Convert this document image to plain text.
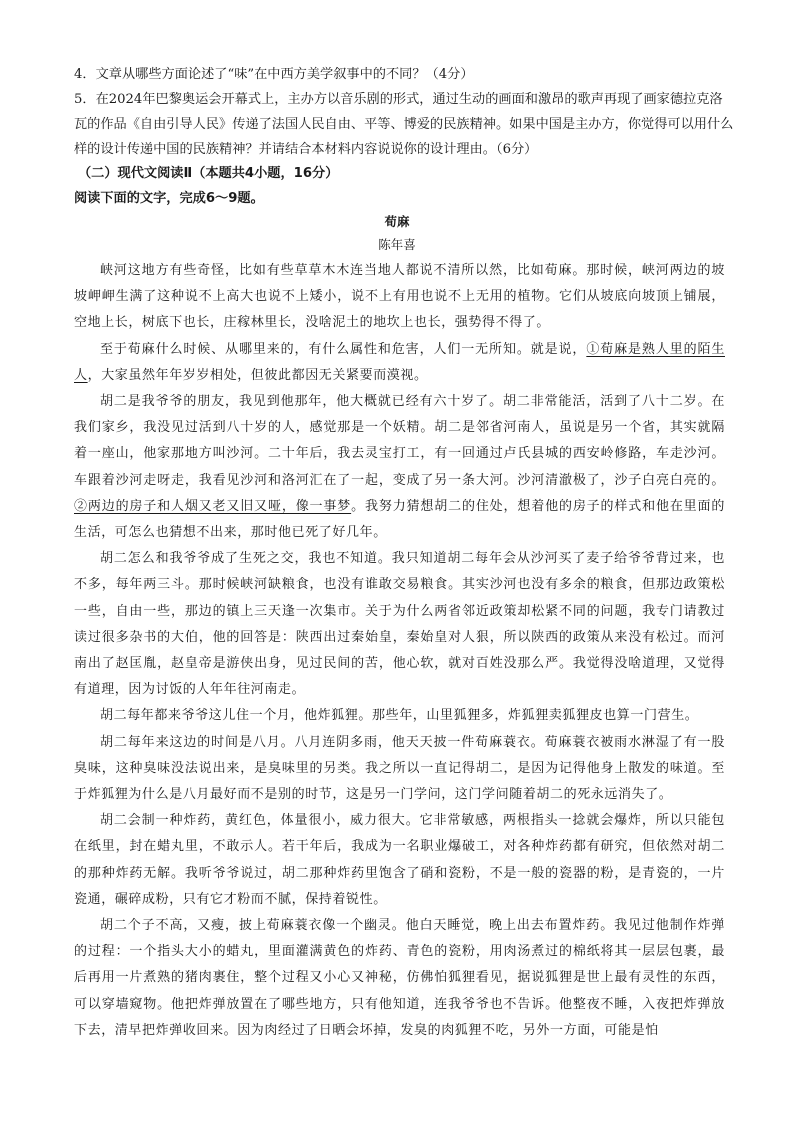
4．文章从哪些方面论述了“味”在中西方美学叙事中的不同？（4分）

5．在2024年巴黎奥运会开幕式上，主办方以音乐剧的形式，通过生动的画面和激昂的歌声再现了画家德拉克洛瓦的作品《自由引导人民》传递了法国人民自由、平等、博爱的民族精神。如果中国是主办方，你觉得可以用什么样的设计传递中国的民族精神？并请结合本材料内容说说你的设计理由。（6分）

（二）现代文阅读Ⅱ（本题共4小题，16分）

阅读下面的文字，完成6～9题。

荀麻

陈年喜

峡河这地方有些奇怪，比如有些草草木木连当地人都说不清所以然，比如荀麻。那时候，峡河两边的坡坡岬岬生满了这种说不上高大也说不上矮小，说不上有用也说不上无用的植物。它们从坡底向坡顶上铺展，空地上长，树底下也长，庄稼林里长，没啥泥土的地坎上也长，强势得不得了。

至于荀麻什么时候、从哪里来的，有什么属性和危害，人们一无所知。就是说，①荀麻是熟人里的陌生人，大家虽然年年岁岁相处，但彼此都因无关紧要而漠视。

胡二是我爷爷的朋友，我见到他那年，他大概就已经有六十岁了。胡二非常能活，活到了八十二岁。在我们家乡，我没见过活到八十岁的人，感觉那是一个妖精。胡二是邻省河南人，虽说是另一个省，其实就隔着一座山，他家那地方叫沙河。二十年后，我去灵宝打工，有一回通过卢氏县城的西安岭修路，车走沙河。车跟着沙河走呀走，我看见沙河和洛河汇在了一起，变成了另一条大河。沙河清澈极了，沙子白亮白亮的。②两边的房子和人烟又老又旧又哑，像一事梦。我努力猜想胡二的住处，想着他的房子的样式和他在里面的生活，可怎么也猜想不出来，那时他已死了好几年。

胡二怎么和我爷爷成了生死之交，我也不知道。我只知道胡二每年会从沙河买了麦子给爷爷背过来，也不多，每年两三斗。那时候峡河缺粮食，也没有谁敢交易粮食。其实沙河也没有多余的粮食，但那边政策松一些，自由一些，那边的镇上三天逢一次集市。关于为什么两省邻近政策却松紧不同的问题，我专门请教过读过很多杂书的大伯，他的回答是：陕西出过秦始皇，秦始皇对人狠，所以陕西的政策从来没有松过。而河南出了赵匡胤，赵皇帝是游侠出身，见过民间的苦，他心软，就对百姓没那么严。我觉得没啥道理，又觉得有道理，因为讨饭的人年年往河南走。

胡二每年都来爷爷这儿住一个月，他炸狐狸。那些年，山里狐狸多，炸狐狸卖狐狸皮也算一门营生。

胡二每年来这边的时间是八月。八月连阴多雨，他天天披一件荀麻蓑衣。荀麻蓑衣被雨水淋湿了有一股臭味，这种臭味没法说出来，是臭味里的另类。我之所以一直记得胡二，是因为记得他身上散发的味道。至于炸狐狸为什么是八月最好而不是别的时节，这是另一门学问，这门学问随着胡二的死永远消失了。

胡二会制一种炸药，黄红色，体量很小，威力很大。它非常敏感，两根指头一捻就会爆炸，所以只能包在纸里，封在蜡丸里，不敢示人。若干年后，我成为一名职业爆破工，对各种炸药都有研究，但依然对胡二的那种炸药无解。我听爷爷说过，胡二那种炸药里饱含了硝和瓷粉，不是一般的瓷器的粉，是青瓷的，一片瓷通，碾碎成粉，只有它才粉而不腻，保持着锐性。

胡二个子不高，又瘦，披上荀麻蓑衣像一个幽灵。他白天睡觉，晚上出去布置炸药。我见过他制作炸弹的过程：一个指头大小的蜡丸，里面灌满黄色的炸药、青色的瓷粉，用肉汤煮过的棉纸将其一层层包裹，最后再用一片煮熟的猪肉裹住，整个过程又小心又神秘，仿佛怕狐狸看见，据说狐狸是世上最有灵性的东西，可以穿墙窥物。他把炸弹放置在了哪些地方，只有他知道，连我爷爷也不告诉。他整夜不睡，入夜把炸弹放下去，清早把炸弹收回来。因为肉经过了日晒会坏掉，发臭的肉狐狸不吃，另外一方面，可能是怕
